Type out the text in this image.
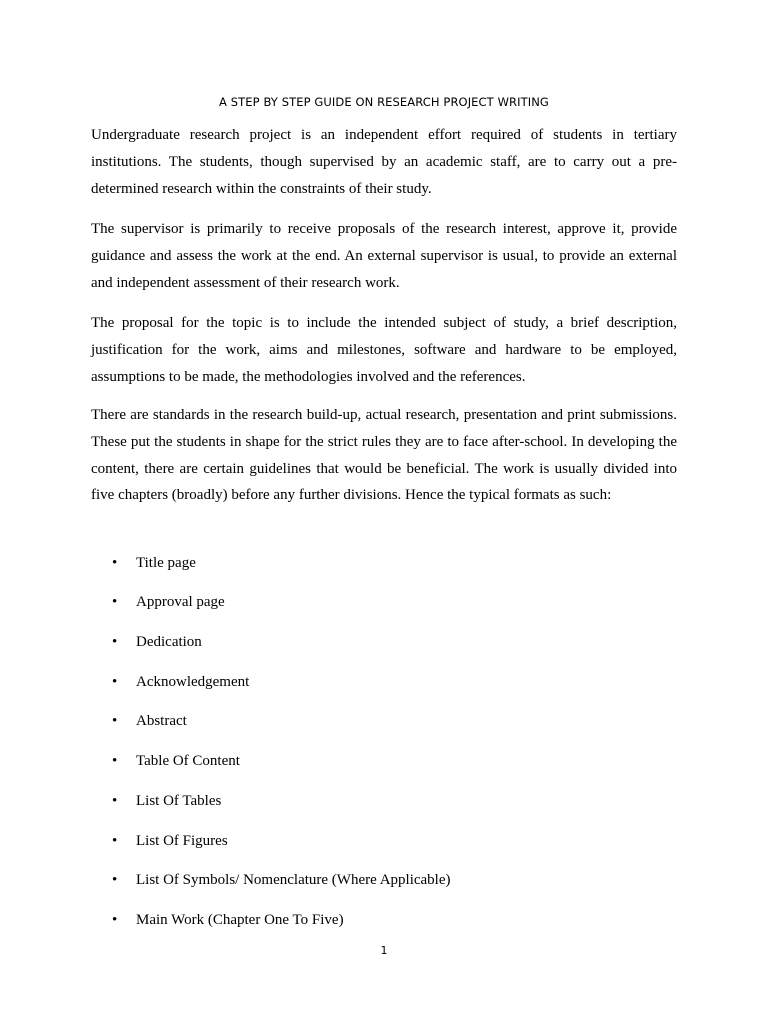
A STEP BY STEP GUIDE ON RESEARCH PROJECT WRITING

Undergraduate research project is an independent effort required of students in tertiary institutions. The students, though supervised by an academic staff, are to carry out a pre-determined research within the constraints of their study.

The supervisor is primarily to receive proposals of the research interest, approve it, provide guidance and assess the work at the end. An external supervisor is usual, to provide an external and independent assessment of their research work.

The proposal for the topic is to include the intended subject of study, a brief description, justification for the work, aims and milestones, software and hardware to be employed, assumptions to be made, the methodologies involved and the references.

There are standards in the research build-up, actual research, presentation and print submissions. These put the students in shape for the strict rules they are to face after-school. In developing the content, there are certain guidelines that would be beneficial. The work is usually divided into five chapters (broadly) before any further divisions. Hence the typical formats as such:

• Title page
• Approval page
• Dedication
• Acknowledgement
• Abstract
• Table Of Content
• List Of Tables
• List Of Figures
• List Of Symbols/ Nomenclature (Where Applicable)
• Main Work (Chapter One To Five)
1
